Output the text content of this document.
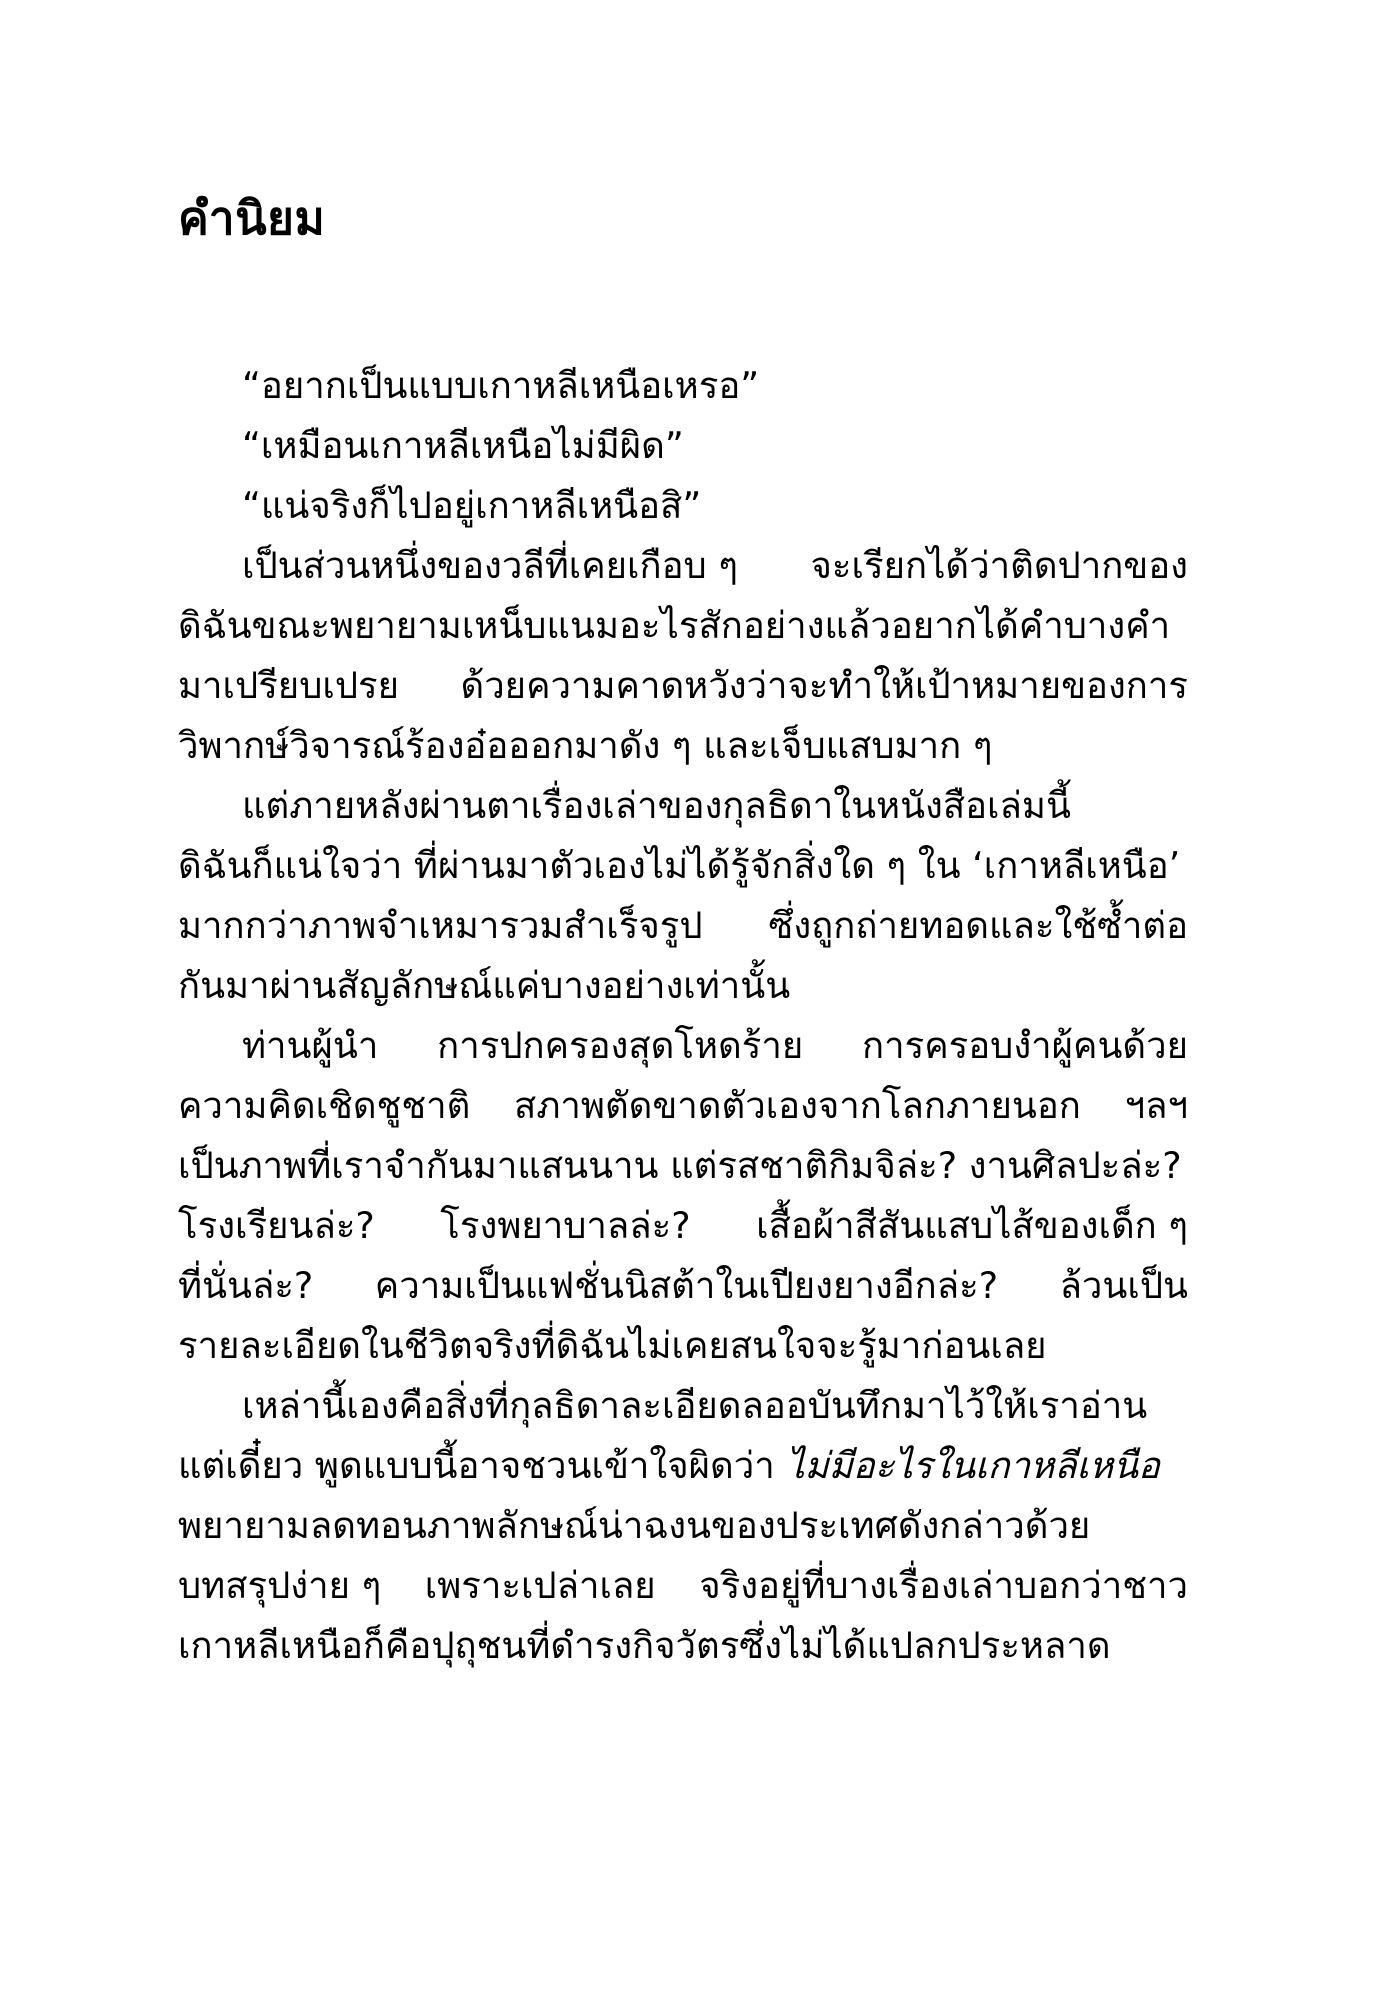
คำนิยม
“อยากเป็นแบบเกาหลีเหนือเหรอ”
“เหมือนเกาหลีเหนือไม่มีผิด”
“แน่จริงก็ไปอยู่เกาหลีเหนือสิ”
เป็นส่วนหนึ่งของวลีที่เคยเกือบ ๆ จะเรียกได้ว่าติดปากของ
ดิฉันขณะพยายามเหน็บแนมอะไรสักอย่างแล้วอยากได้คำบางคำ
มาเปรียบเปรย ด้วยความคาดหวังว่าจะทำให้เป้าหมายของการ
วิพากษ์วิจารณ์ร้องอ๋อออกมาดัง ๆ และเจ็บแสบมาก ๆ
แต่ภายหลังผ่านตาเรื่องเล่าของกุลธิดาในหนังสือเล่มนี้
ดิฉันก็แน่ใจว่า ที่ผ่านมาตัวเองไม่ได้รู้จักสิ่งใด ๆ ใน ‘เกาหลีเหนือ’
มากกว่าภาพจำเหมารวมสำเร็จรูป ซึ่งถูกถ่ายทอดและใช้ซ้ำต่อ
กันมาผ่านสัญลักษณ์แค่บางอย่างเท่านั้น
ท่านผู้นำ การปกครองสุดโหดร้าย การครอบงำผู้คนด้วย
ความคิดเชิดชูชาติ สภาพตัดขาดตัวเองจากโลกภายนอก ฯลฯ
เป็นภาพที่เราจำกันมาแสนนาน แต่รสชาติกิมจิล่ะ? งานศิลปะล่ะ?
โรงเรียนล่ะ? โรงพยาบาลล่ะ? เสื้อผ้าสีสันแสบไส้ของเด็ก ๆ
ที่นั่นล่ะ? ความเป็นแฟชั่นนิสต้าในเปียงยางอีกล่ะ? ล้วนเป็น
รายละเอียดในชีวิตจริงที่ดิฉันไม่เคยสนใจจะรู้มาก่อนเลย
เหล่านี้เองคือสิ่งที่กุลธิดาละเอียดลออบันทึกมาไว้ให้เราอ่าน
แต่เดี๋ยว พูดแบบนี้อาจชวนเข้าใจผิดว่า ไม่มีอะไรในเกาหลีเหนือ
พยายามลดทอนภาพลักษณ์น่าฉงนของประเทศดังกล่าวด้วย
บทสรุปง่าย ๆ เพราะเปล่าเลย จริงอยู่ที่บางเรื่องเล่าบอกว่าชาว
เกาหลีเหนือก็คือปุถุชนที่ดำรงกิจวัตรซึ่งไม่ได้แปลกประหลาด
